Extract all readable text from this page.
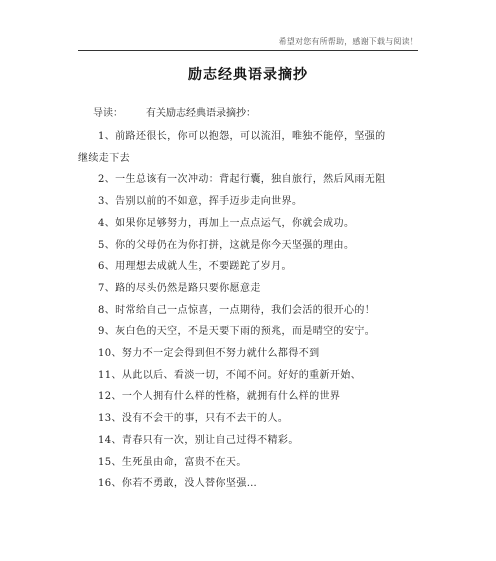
希望对您有所帮助，感谢下载与阅读！
励志经典语录摘抄
导读： 有关励志经典语录摘抄：
1、前路还很长，你可以抱怨，可以流泪，唯独不能停，坚强的
继续走下去
2、一生总该有一次冲动：背起行囊，独自旅行，然后风雨无阻
3、告别以前的不如意，挥手迈步走向世界。
4、如果你足够努力，再加上一点点运气，你就会成功。
5、你的父母仍在为你打拼，这就是你今天坚强的理由。
6、用理想去成就人生，不要蹉跎了岁月。
7、路的尽头仍然是路只要你愿意走
8、时常给自己一点惊喜，一点期待，我们会活的很开心的！
9、灰白色的天空，不是天要下雨的预兆，而是晴空的安宁。
10、努力不一定会得到但不努力就什么都得不到
11、从此以后、看淡一切，不闻不问。好好的重新开始、
12、一个人拥有什么样的性格，就拥有什么样的世界
13、没有不会干的事，只有不去干的人。
14、青春只有一次，别让自己过得不精彩。
15、生死虽由命，富贵不在天。
16、你若不勇敢，没人替你坚强…
